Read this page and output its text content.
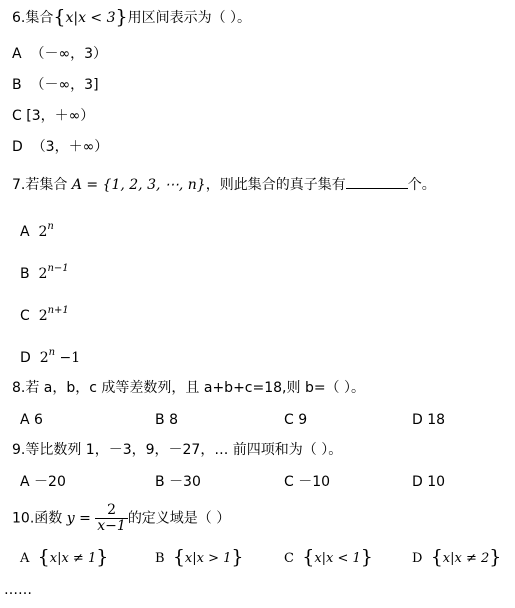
6.集合{x|x < 3}用区间表示为（ ）。
A （－∞，3）
B （－∞，3]
C [3，＋∞）
D （3，＋∞）
7.若集合 A = {1, 2, 3, ⋯, n}，则此集合的真子集有	个。
A 2$^n$
B $2^{n-1}$
C $2^{n+1}$
D $2^n -1$
8.若 a，b，c 成等差数列，且 a+b+c=18,则 b=（ ）。
A 6	B 8	C 9	D 18
9.等比数列 1，－3，9，－27，… 前四项和为（ ）。
A －20	B －30	C －10	D 10
10.函数 $y = \frac{2}{x-1}$ 的定义域是（ ）
A {x|x ≠ 1}	B {x|x > 1}	C {x|x < 1}	D {x|x ≠ 2}
……
